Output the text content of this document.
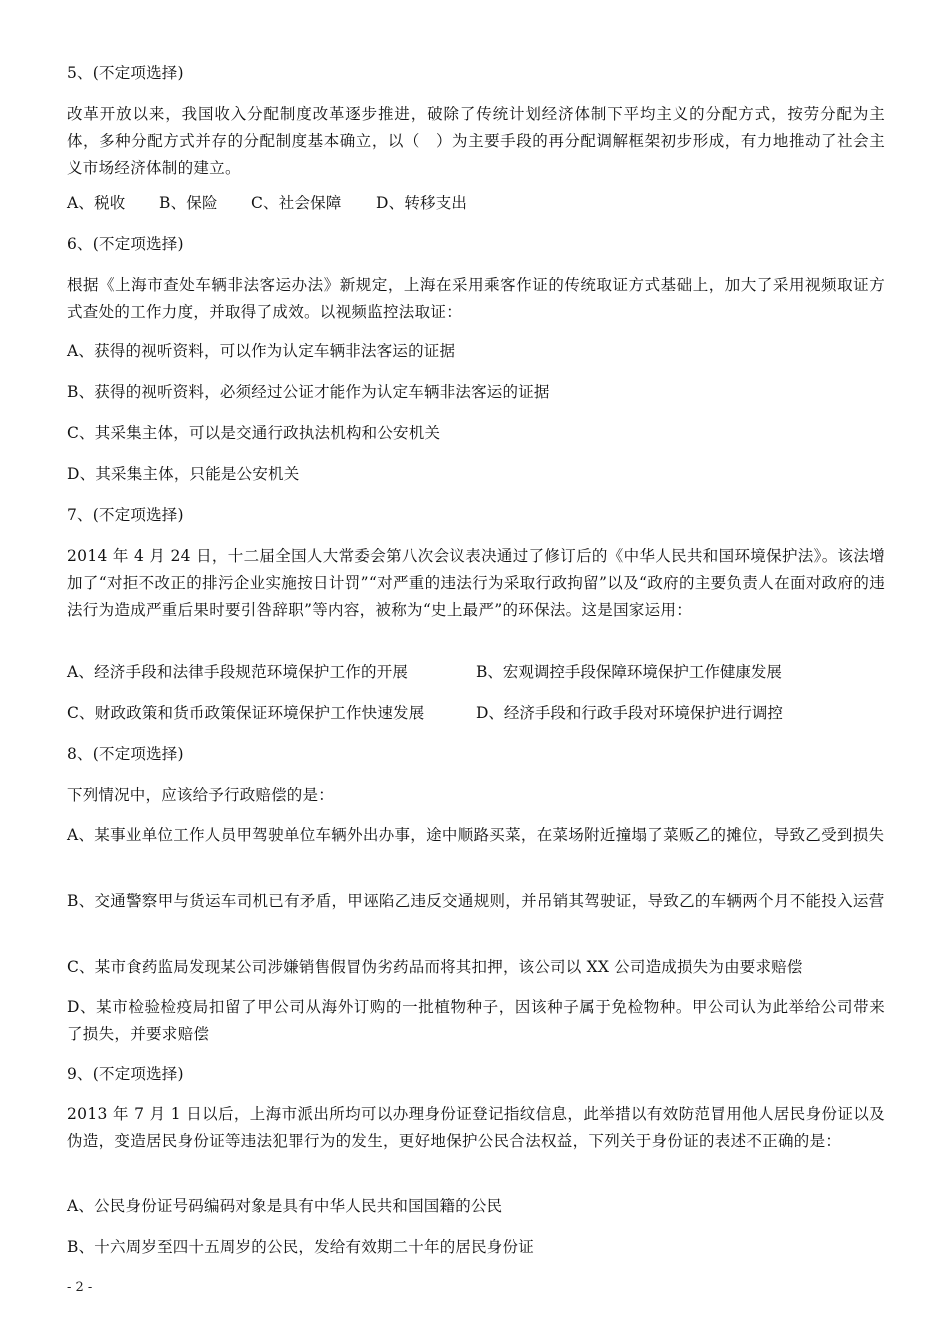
5、(不定项选择)
改革开放以来，我国收入分配制度改革逐步推进，破除了传统计划经济体制下平均主义的分配方式，按劳分配为主体，多种分配方式并存的分配制度基本确立，以（　）为主要手段的再分配调解框架初步形成，有力地推动了社会主义市场经济体制的建立。
A、税收 B、保险 C、社会保障 D、转移支出
6、(不定项选择)
根据《上海市查处车辆非法客运办法》新规定，上海在采用乘客作证的传统取证方式基础上，加大了采用视频取证方式查处的工作力度，并取得了成效。以视频监控法取证：
A、获得的视听资料，可以作为认定车辆非法客运的证据
B、获得的视听资料，必须经过公证才能作为认定车辆非法客运的证据
C、其采集主体，可以是交通行政执法机构和公安机关
D、其采集主体，只能是公安机关
7、(不定项选择)
2014 年 4 月 24 日，十二届全国人大常委会第八次会议表决通过了修订后的《中华人民共和国环境保护法》。该法增加了“对拒不改正的排污企业实施按日计罚”“对严重的违法行为采取行政拘留”以及“政府的主要负责人在面对政府的违法行为造成严重后果时要引咎辞职”等内容，被称为“史上最严”的环保法。这是国家运用：
A、经济手段和法律手段规范环境保护工作的开展	B、宏观调控手段保障环境保护工作健康发展
C、财政政策和货币政策保证环境保护工作快速发展	D、经济手段和行政手段对环境保护进行调控
8、(不定项选择)
下列情况中，应该给予行政赔偿的是：
A、某事业单位工作人员甲驾驶单位车辆外出办事，途中顺路买菜，在菜场附近撞塌了菜贩乙的摊位，导致乙受到损失
B、交通警察甲与货运车司机已有矛盾，甲诬陷乙违反交通规则，并吊销其驾驶证，导致乙的车辆两个月不能投入运营
C、某市食药监局发现某公司涉嫌销售假冒伪劣药品而将其扣押，该公司以 XX 公司造成损失为由要求赔偿
D、某市检验检疫局扣留了甲公司从海外订购的一批植物种子，因该种子属于免检物种。甲公司认为此举给公司带来了损失，并要求赔偿
9、(不定项选择)
2013 年 7 月 1 日以后，上海市派出所均可以办理身份证登记指纹信息，此举措以有效防范冒用他人居民身份证以及伪造，变造居民身份证等违法犯罪行为的发生，更好地保护公民合法权益，下列关于身份证的表述不正确的是：
A、公民身份证号码编码对象是具有中华人民共和国国籍的公民
B、十六周岁至四十五周岁的公民，发给有效期二十年的居民身份证
- 2 -
